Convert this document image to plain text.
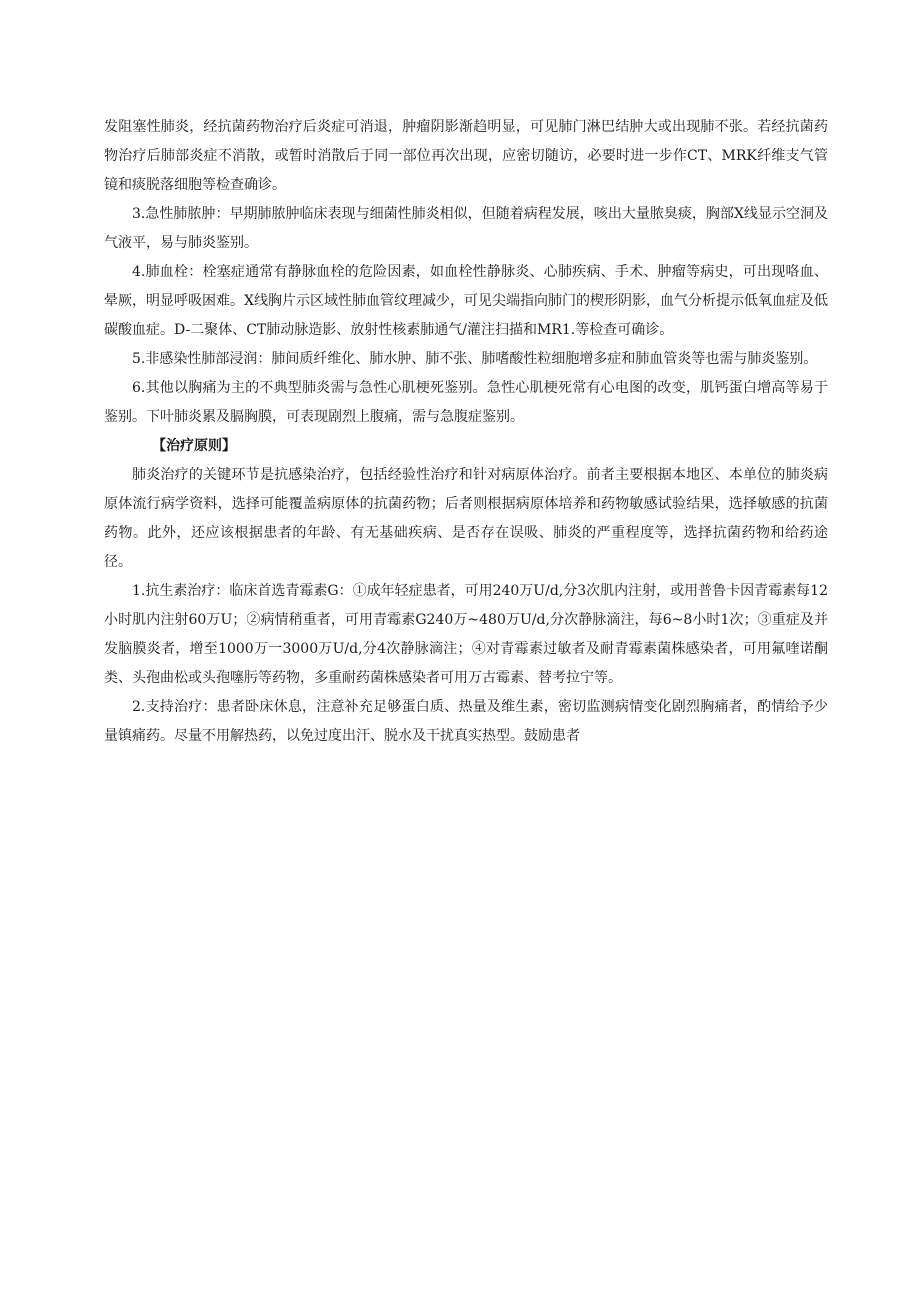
发阻塞性肺炎，经抗菌药物治疗后炎症可消退，肿瘤阴影渐趋明显，可见肺门淋巴结肿大或出现肺不张。若经抗菌药物治疗后肺部炎症不消散，或暂时消散后于同一部位再次出现，应密切随访，必要时进一步作CT、MRK纤维支气管镜和痰脱落细胞等检查确诊。

3.急性肺脓肿：早期肺脓肿临床表现与细菌性肺炎相似，但随着病程发展，咳出大量脓臭痰，胸部X线显示空洞及气液平，易与肺炎鉴别。

4.肺血栓：栓塞症通常有静脉血栓的危险因素，如血栓性静脉炎、心肺疾病、手术、肿瘤等病史，可出现咯血、晕厥，明显呼吸困难。X线胸片示区域性肺血管纹理减少，可见尖端指向肺门的楔形阴影，血气分析提示低氧血症及低碳酸血症。D-二聚体、CT肺动脉造影、放射性核素肺通气/灌注扫描和MR1.等检查可确诊。

5.非感染性肺部浸润：肺间质纤维化、肺水肿、肺不张、肺嗜酸性粒细胞增多症和肺血管炎等也需与肺炎鉴别。

6.其他以胸痛为主的不典型肺炎需与急性心肌梗死鉴别。急性心肌梗死常有心电图的改变，肌钙蛋白增高等易于鉴别。下叶肺炎累及膈胸膜，可表现剧烈上腹痛，需与急腹症鉴别。

【治疗原则】

肺炎治疗的关键环节是抗感染治疗，包括经验性治疗和针对病原体治疗。前者主要根据本地区、本单位的肺炎病原体流行病学资料，选择可能覆盖病原体的抗菌药物；后者则根据病原体培养和药物敏感试验结果，选择敏感的抗菌药物。此外，还应该根据患者的年龄、有无基础疾病、是否存在误吸、肺炎的严重程度等，选择抗菌药物和给药途径。

1.抗生素治疗：临床首选青霉素G：①成年轻症患者，可用240万U/d,分3次肌内注射，或用普鲁卡因青霉素每12小时肌内注射60万U；②病情稍重者，可用青霉素G240万~480万U/d,分次静脉滴注，每6~8小时1次；③重症及并发脑膜炎者，增至1000万一3000万U/d,分4次静脉滴注；④对青霉素过敏者及耐青霉素菌株感染者，可用氟喹诺酮类、头孢曲松或头孢噻肟等药物，多重耐药菌株感染者可用万古霉素、替考拉宁等。

2.支持治疗：患者卧床休息，注意补充足够蛋白质、热量及维生素，密切监测病情变化剧烈胸痛者，酌情给予少量镇痛药。尽量不用解热药，以免过度出汗、脱水及干扰真实热型。鼓励患者
